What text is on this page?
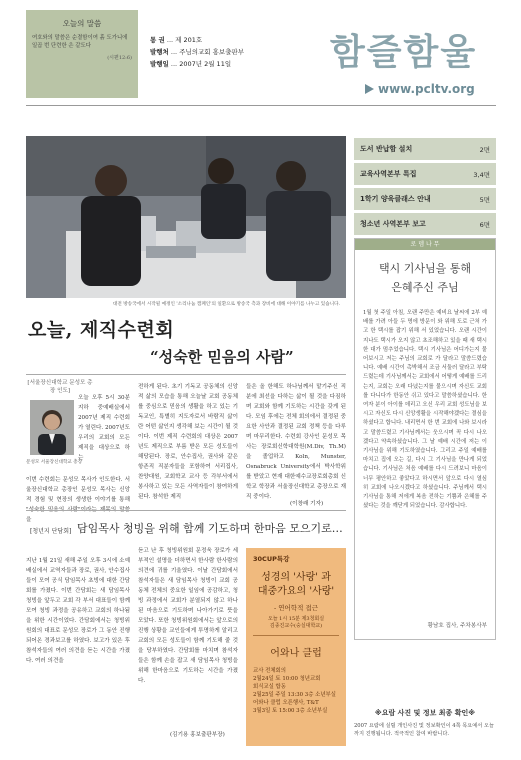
오늘의 말씀
여호와의 말씀은 순결함이여 흙 도가니에 일곱 번 단련한 은 같도다
(시편12:6)
통 권 ... 제 201호
발행처 ... 주님의교회 홍보출판부
발행일 ... 2007년 2월 11일	함즐함울
www.pcltv.org
대전 방송국에서 시작될 예정인 '소리나눔 캠페인'의 일환으로 방송국 측과 장비에 대해 이야기를 나누고 있습니다.
도서 반납함 설치	2면
교육사역본부 특집	3,4면
1학기 양육클래스 안내	5면
청소년 사역본부 보고	6면
로 뎀 나 무
택시 기사님을 통해
은혜주신 주님
1월 첫 주일 아침, 오랜 주만은 예비요 날씨에 2부 예배를 가려 아들 두 명에 방문이 와 위해 도로 근처 가고 한 택시를 잡기 위해 서 있었습니다. 오랜 시간이 지나도 택시가 오지 않고 초조해하고 있을 때 새 택시 한 대가 멈추었습니다. 택시 기사님은 어디가는지 물어보시고 저는 주님의 교회로 가 달라고 말씀드렸습니다. 예배 시간이 촉박해서 조금 서둘러 달라고 부탁드렸는데 기사님께서는 교회에서 어떻게 예배를 드리는지, 교회는 오래 다녔는지를 물으시며 자신도 교회를 다니다가 한동안 쉬고 있다고 말씀하셨습니다. 한 여자 분이 아이를 데리고 오신 우리 교회 성도님을 보시고 자신도 다시 신앙생활을 시작해야겠다는 결심을 하셨다고 합니다. 내리면서 한 번 교회에 나와 보시라고 말씀드렸고 기사님께서는 웃으시며 꼭 다시 나오겠다고 약속하셨습니다. 그 날 예배 시간에 저는 이 기사님을 위해 기도하였습니다. 그리고 주일 예배를 마치고 집에 오는 길, 다시 그 기사님을 만나게 되었습니다. 기사님은 처음 예배를 다시 드려보니 마음이 너무 평안하고 좋았다고 하시면서 앞으로 다시 열심히 교회에 나오시겠다고 하셨습니다. 주님께서 택시 기사님을 통해 저에게 복음 전하는 기쁨과 은혜를 주셨다는 것을 깨닫게 되었습니다. 감사합니다.
황남호 집사, 주차봉사부
※요람 사진 및 정보 최종 확인※
2007 요람에 실릴 개인사진 및 정보확인이 4쪽 목요예서 오늘 까지 진행됩니다. 적극적인 참여 바랍니다.
오늘, 제직수련회
“성숙한 믿음의 사람”
[서울장신대학교 문성모 총장 인도]
문성모 서울장신대학교 총장
오늘 오후 5시 30분 지하 중예배실에서 2007년 제직 수련회가 열린다. 2007년도 우리의 교회의 모든 제직을 대상으로 하는
이번 수련회는 문성모 목사가 인도한다. 서울장신대학교 총장인 문성모 목사는 신앙적 경험 및 현장의 생생한 이야기를 통해 을
전하게 된다. 초기 기독교 공동체의 신앙적 삶의 모습을 통해 오늘날 교회 공동체를 중심으로 믿음의 생활을 하고 있는 기독교인, 특별히 지도자로서 바람직 삶이란 어떤 삶인지 생각해 보는 시간이 될 것이다. 이번 제직 수련회의 대상은 2007년도 제직으로 부름 받은 모든 성도들이 해당된다. 장로, 안수집사, 권사와 같은 항존직 직분자들을 포함하여 서리집사, 찬양대원, 교회학교 교사 등 각부서에서 봉사하고 있는 모든 사역자들이 참여하게 된다. 참석한 제직
들은 올 한해도 하나님께서 맡기주신 직분에 최선을 다하는 삶이 될 것을 다짐하며 교회와 함께 기도하는 시간을 갖게 된다. 모임 후에는 전체 회의에서 결정된 중요한 사안과 결정된 교회 정책 등을 다루며 마무리한다. 수련회 강사인 문성모 목사는 장로회신학대학원(M.Div, Th.M)을 졸업하고 Koln, Munster, Osnabruck University에서 박사학위를 받았고 현재 대한예수교장로회총회 신학교 학장과 서울장신대학교 총장으로 재직 중이다.
(이창래 기자)
[청년지 단담회] 담임목사 청빙을 위해 함께 기도하며 한마음 모으기로…
지난 1월 21일 새해 주일 오후 3시에 소예배실에서 교역자들과 장로, 권사, 안수집사들이 모여 공식 담임목사 초빙에 대한 간담회를 가졌다. 이번 간담회는 새 담임목사 청빙을 앞두고 교회 각 부서 대표들이 함께 모여 청빙 과정을 공유하고 교회의 하나됨을 위한 시간이었다. 간담회에서는 청빙위원회의 대표로 문성모 장로가 그 동안 진행되어온 경과보고를 하였다. 보고가 있은 후 참석자들의 여러 의견을 듣는 시간을 가졌다. 여러 의견을
듣고 난 후 청빙위원회 문정욱 장로가 세부적인 설명을 더하면서 한사람 한사람의 의견에 귀를 기울였다. 이날 간담회에서 참석자들은 새 담임목사 청빙이 교회 공동체 전체의 중요한 일임에 공감하고, 청빙 과정에서 교회가 분열되지 않고 하나된 마음으로 기도하며 나아가기로 뜻을 모았다. 또한 청빙위원회에서는 앞으로의 진행 상황을 교인들에게 투명하게 알리고 교회의 모든 성도들이 함께 기도해 줄 것을 당부하였다. 간담회를 마치며 참석자들은 함께 손을 잡고 새 담임목사 청빙을 위해 한마음으로 기도하는 시간을 가졌다.
(김기용 홍보출판부장)
30CUP특강
성경의 '사랑' 과
대중가요의 '사랑'
- 연어학적 접근
오늘 1시 15분 제3청회실
김종진교수(숭실대학교)
어와나 클럽
교사 전체회의
2월24일 토 10:00 청년교회
회식교실 합동
2월25일 주일 13:30 3층 소년부실
어와나 클럽 오픈행사, T&T
3월3일 토 15:00 3층 소년부실
